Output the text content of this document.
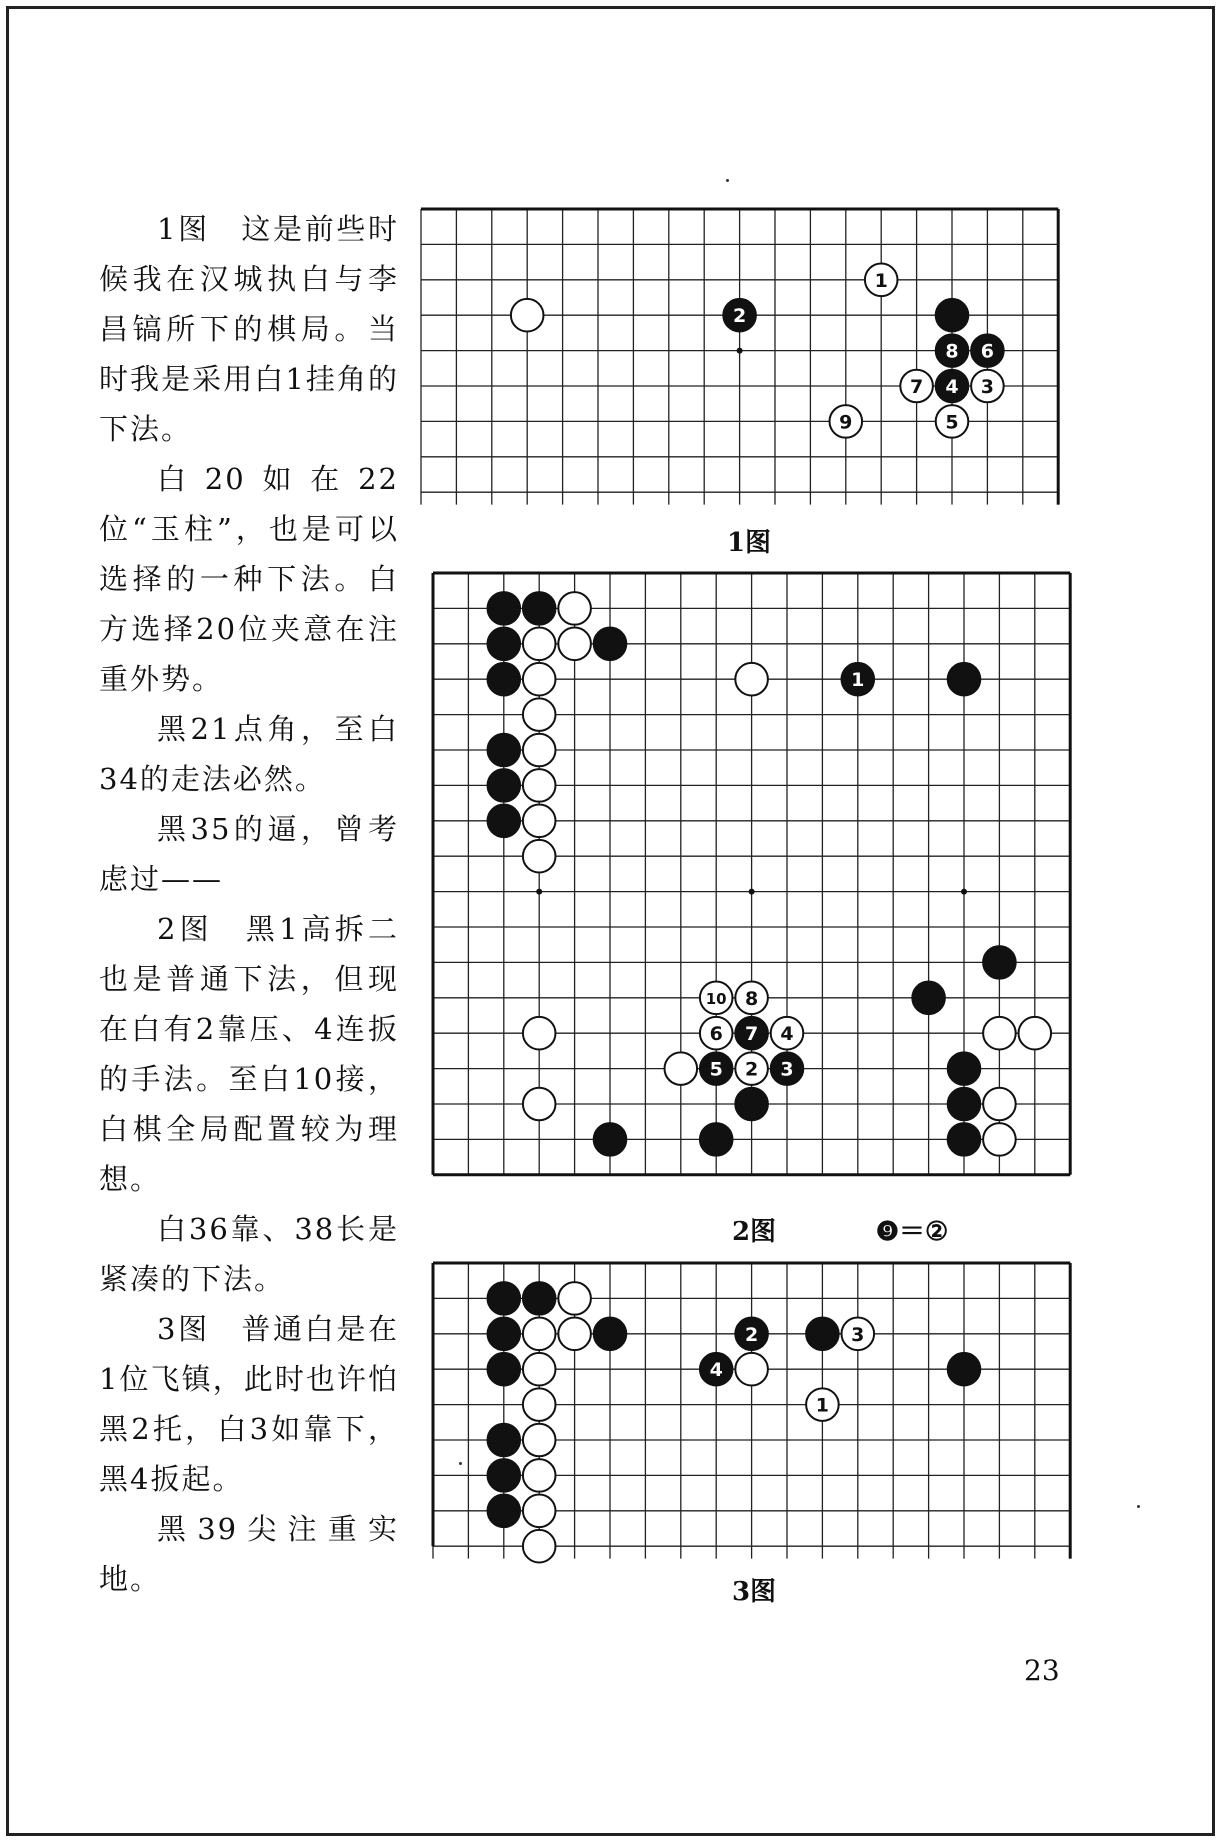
1图　这是前些时候我在汉城执白与李昌镐所下的棋局。当时我是采用白1挂角的下法。

白20如在22位“玉柱”，也是可以选择的一种下法。白方选择20位夹意在注重外势。

黑21点角，至白34的走法必然。

黑35的逼，曾考虑过——

2图　黑1高拆二也是普通下法，但现在白有2靠压、4连扳的手法。至白10接，白棋全局配置较为理想。

白36靠、38长是紧凑的下法。

3图　普通白是在1位飞镇，此时也许怕黑2托，白3如靠下，黑4扳起。

黑39尖注重实地。

1
2
8 6
7 4 3
9	5
1图
1
10 8
6 7 4
5 2 3
2图	❾＝②
2	3
4
1
3图
23
